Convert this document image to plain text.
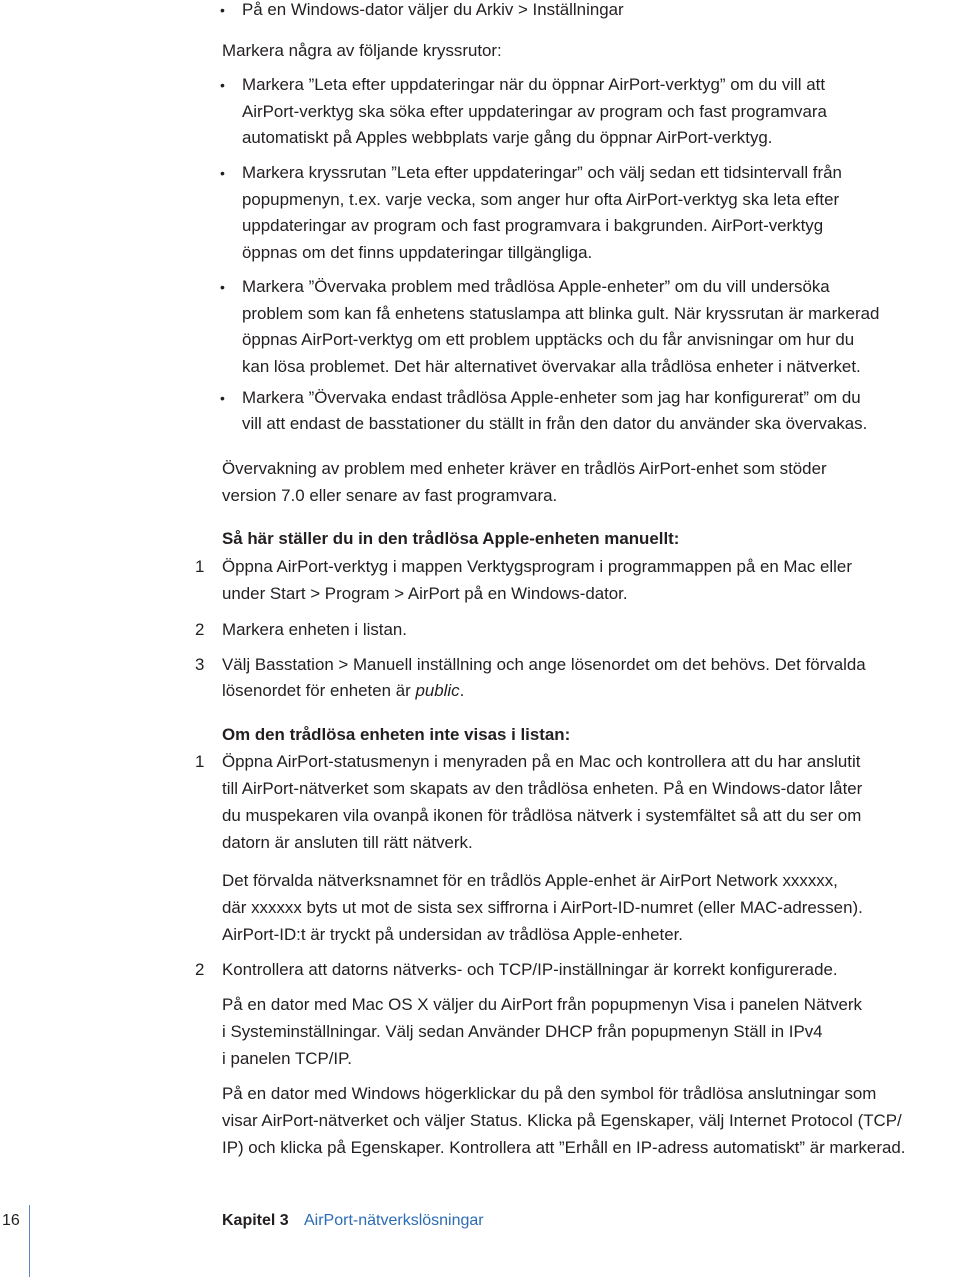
• På en Windows-dator väljer du Arkiv > Inställningar
Markera några av följande kryssrutor:
• Markera ”Leta efter uppdateringar när du öppnar AirPort-verktyg” om du vill att
AirPort-verktyg ska söka efter uppdateringar av program och fast programvara
automatiskt på Apples webbplats varje gång du öppnar AirPort-verktyg.
• Markera kryssrutan ”Leta efter uppdateringar” och välj sedan ett tidsintervall från
popupmenyn, t.ex. varje vecka, som anger hur ofta AirPort-verktyg ska leta efter
uppdateringar av program och fast programvara i bakgrunden. AirPort-verktyg
öppnas om det finns uppdateringar tillgängliga.
• Markera ”Övervaka problem med trådlösa Apple-enheter” om du vill undersöka
problem som kan få enhetens statuslampa att blinka gult. När kryssrutan är markerad
öppnas AirPort-verktyg om ett problem upptäcks och du får anvisningar om hur du
kan lösa problemet. Det här alternativet övervakar alla trådlösa enheter i nätverket.
• Markera ”Övervaka endast trådlösa Apple-enheter som jag har konfigurerat” om du
vill att endast de basstationer du ställt in från den dator du använder ska övervakas.
Övervakning av problem med enheter kräver en trådlös AirPort-enhet som stöder
version 7.0 eller senare av fast programvara.
Så här ställer du in den trådlösa Apple-enheten manuellt:
1 Öppna AirPort-verktyg i mappen Verktygsprogram i programmappen på en Mac eller
under Start > Program > AirPort på en Windows-dator.
2 Markera enheten i listan.
3 Välj Basstation > Manuell inställning och ange lösenordet om det behövs. Det förvalda
lösenordet för enheten är public.
Om den trådlösa enheten inte visas i listan:
1 Öppna AirPort-statusmenyn i menyraden på en Mac och kontrollera att du har anslutit
till AirPort-nätverket som skapats av den trådlösa enheten. På en Windows-dator låter
du muspekaren vila ovanpå ikonen för trådlösa nätverk i systemfältet så att du ser om
datorn är ansluten till rätt nätverk.
Det förvalda nätverksnamnet för en trådlös Apple-enhet är AirPort Network xxxxxx,
där xxxxxx byts ut mot de sista sex siffrorna i AirPort-ID-numret (eller MAC-adressen).
AirPort-ID:t är tryckt på undersidan av trådlösa Apple-enheter.
2 Kontrollera att datorns nätverks- och TCP/IP-inställningar är korrekt konfigurerade.
På en dator med Mac OS X väljer du AirPort från popupmenyn Visa i panelen Nätverk
i Systeminställningar. Välj sedan Använder DHCP från popupmenyn Ställ in IPv4
i panelen TCP/IP.
På en dator med Windows högerklickar du på den symbol för trådlösa anslutningar som
visar AirPort-nätverket och väljer Status. Klicka på Egenskaper, välj Internet Protocol (TCP/
IP) och klicka på Egenskaper. Kontrollera att ”Erhåll en IP-adress automatiskt” är markerad.
16	Kapitel 3 AirPort-nätverkslösningar
